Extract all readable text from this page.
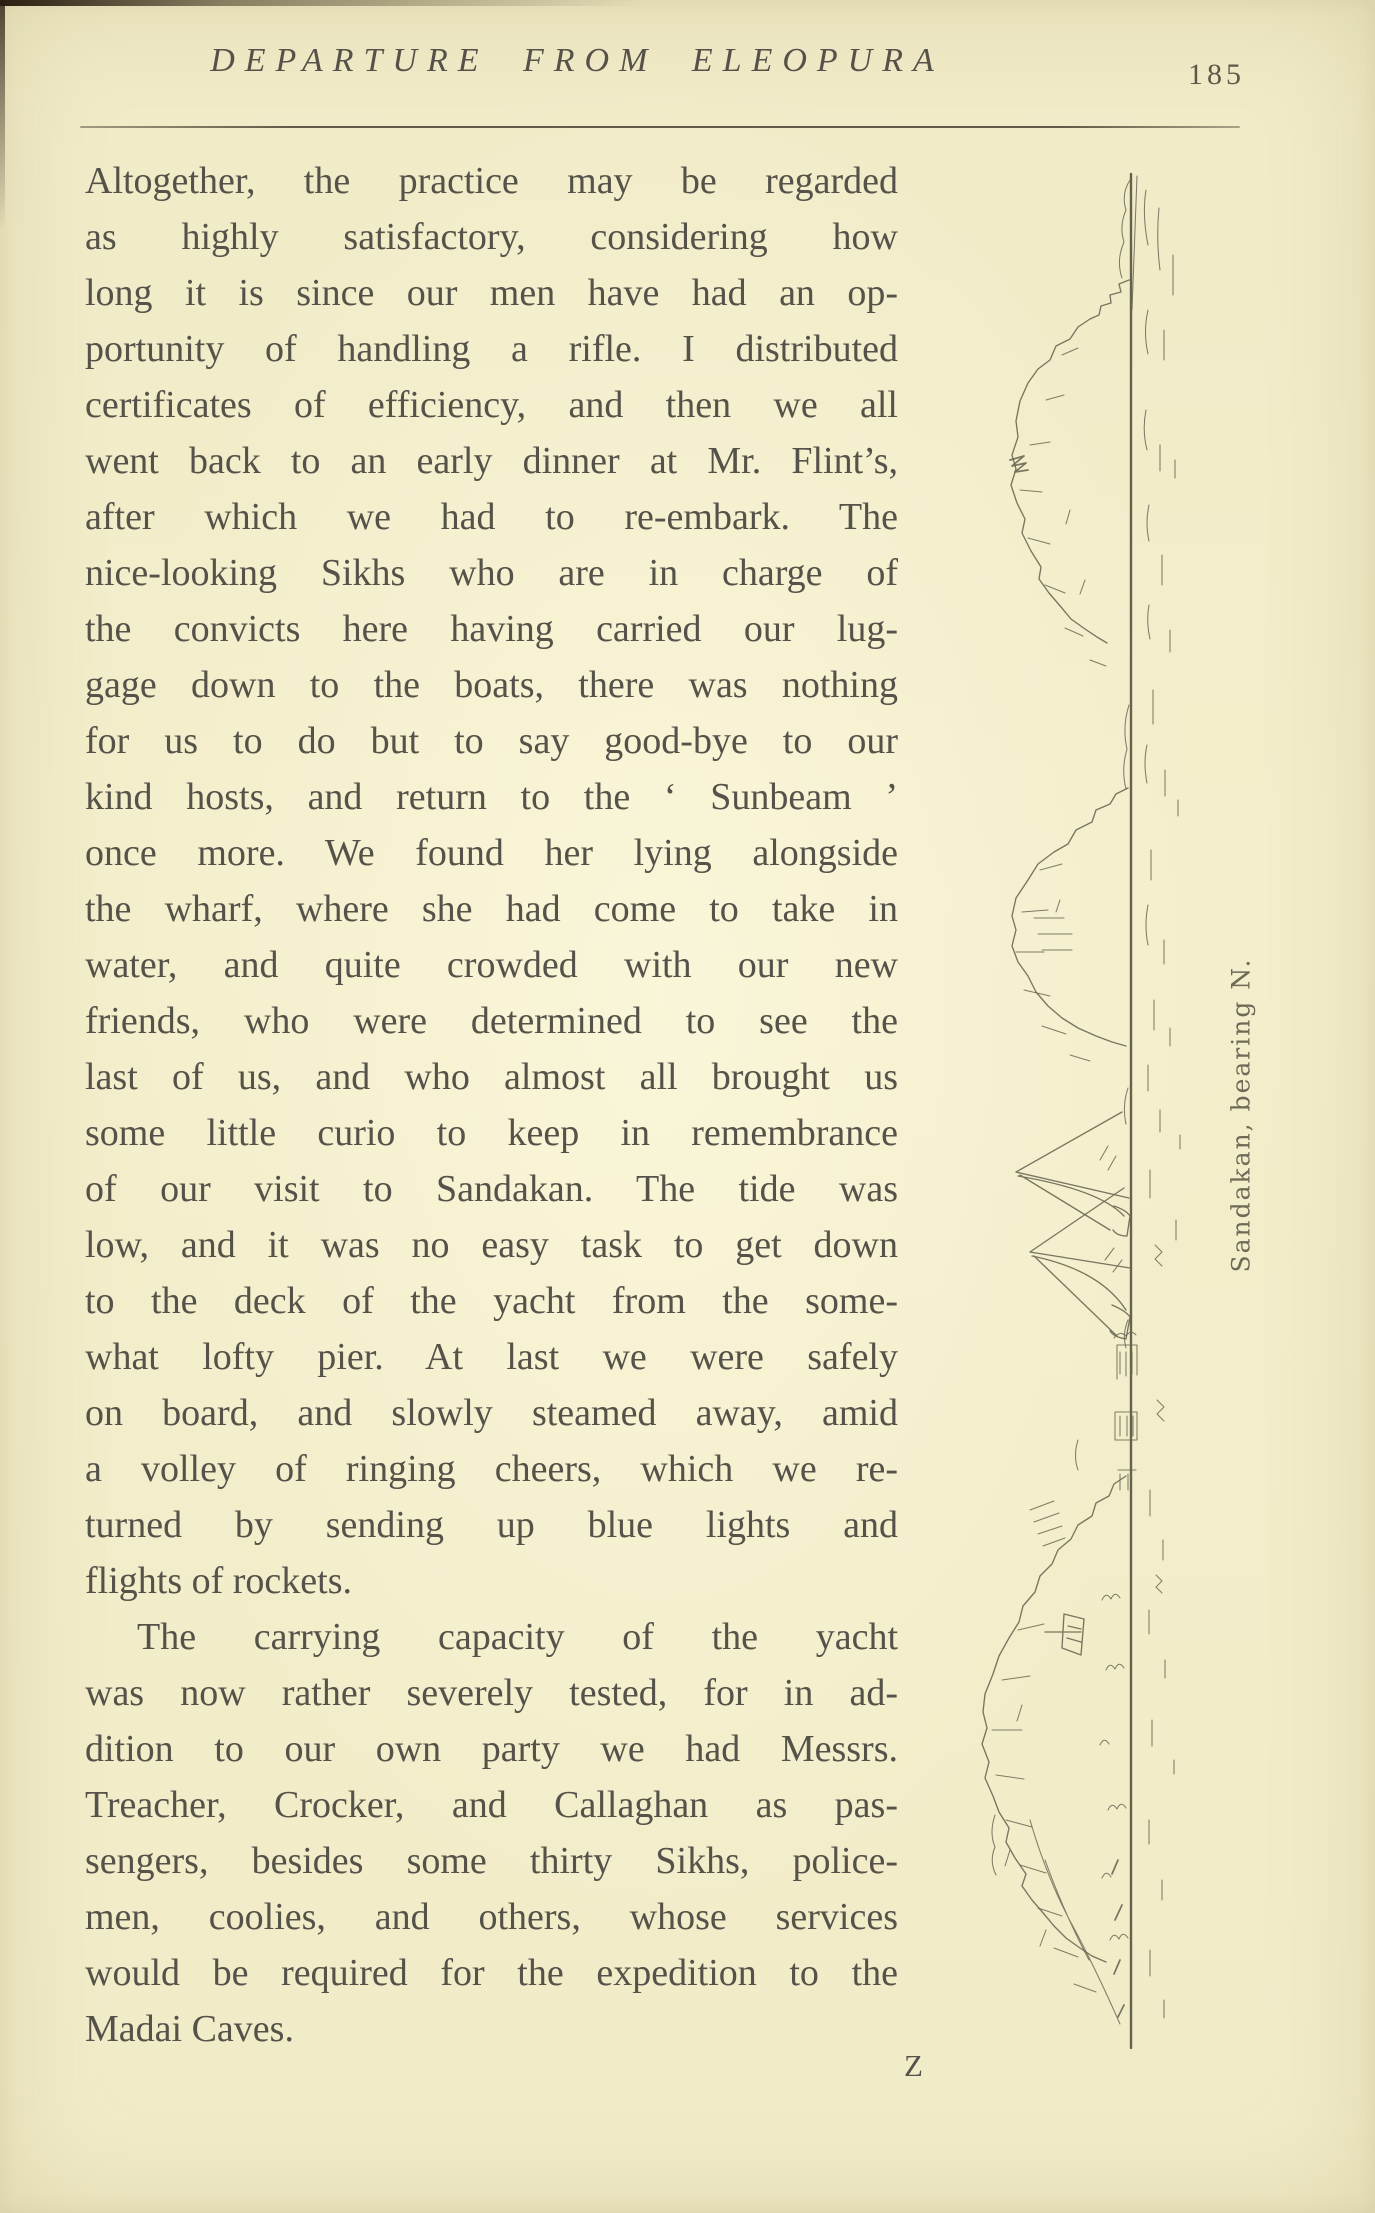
DEPARTURE FROM ELEOPURA	185
Altogether, the practice may be regarded
as highly satisfactory, considering how
long it is since our men have had an op-
portunity of handling a rifle. I distributed
certificates of efficiency, and then we all
went back to an early dinner at Mr. Flint’s,
after which we had to re-embark. The
nice-looking Sikhs who are in charge of
the convicts here having carried our lug-
gage down to the boats, there was nothing
for us to do but to say good-bye to our
kind hosts, and return to the ‘ Sunbeam ’
once more. We found her lying alongside
the wharf, where she had come to take in
water, and quite crowded with our new
friends, who were determined to see the
last of us, and who almost all brought us
some little curio to keep in remembrance
of our visit to Sandakan. The tide was
low, and it was no easy task to get down
to the deck of the yacht from the some-
what lofty pier. At last we were safely
on board, and slowly steamed away, amid
a volley of ringing cheers, which we re-
turned by sending up blue lights and
flights of rockets.
The carrying capacity of the yacht
was now rather severely tested, for in ad-
dition to our own party we had Messrs.
Treacher, Crocker, and Callaghan as pas-
sengers, besides some thirty Sikhs, police-
men, coolies, and others, whose services
would be required for the expedition to the
Madai Caves.
Sandakan, bearing N.
Z
